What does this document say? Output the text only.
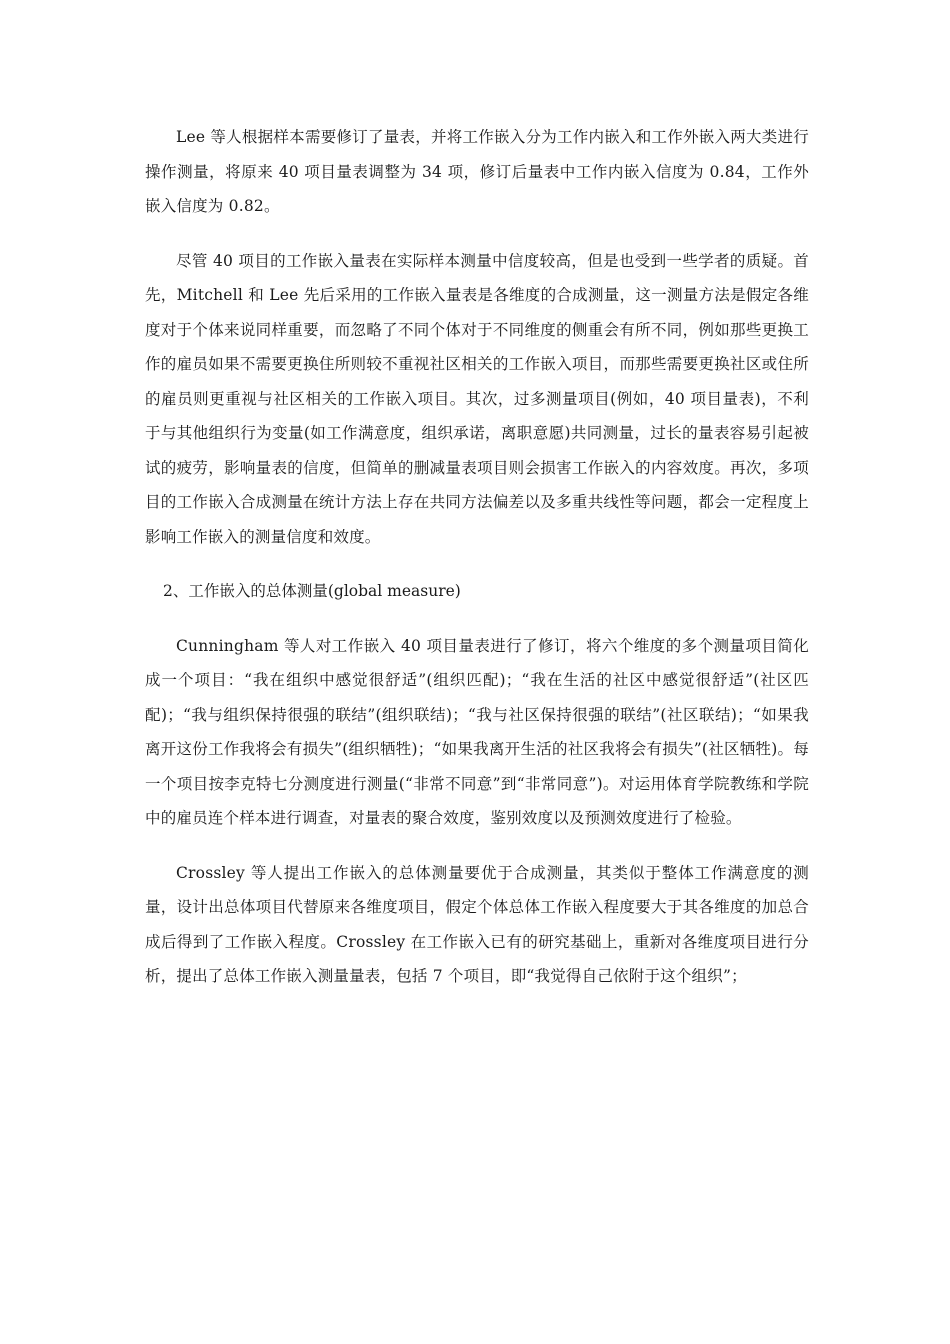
Lee 等人根据样本需要修订了量表，并将工作嵌入分为工作内嵌入和工作外嵌入两大类进行操作测量，将原来 40 项目量表调整为 34 项，修订后量表中工作内嵌入信度为 0.84，工作外嵌入信度为 0.82。

尽管 40 项目的工作嵌入量表在实际样本测量中信度较高，但是也受到一些学者的质疑。首先，Mitchell 和 Lee 先后采用的工作嵌入量表是各维度的合成测量，这一测量方法是假定各维度对于个体来说同样重要，而忽略了不同个体对于不同维度的侧重会有所不同，例如那些更换工作的雇员如果不需要更换住所则较不重视社区相关的工作嵌入项目，而那些需要更换社区或住所的雇员则更重视与社区相关的工作嵌入项目。其次，过多测量项目(例如，40 项目量表)，不利于与其他组织行为变量(如工作满意度，组织承诺，离职意愿)共同测量，过长的量表容易引起被试的疲劳，影响量表的信度，但简单的删减量表项目则会损害工作嵌入的内容效度。再次，多项目的工作嵌入合成测量在统计方法上存在共同方法偏差以及多重共线性等问题，都会一定程度上影响工作嵌入的测量信度和效度。

2、工作嵌入的总体测量(global measure)

Cunningham 等人对工作嵌入 40 项目量表进行了修订，将六个维度的多个测量项目简化成一个项目：“我在组织中感觉很舒适”(组织匹配)；“我在生活的社区中感觉很舒适”(社区匹配)；“我与组织保持很强的联结”(组织联结)；“我与社区保持很强的联结”(社区联结)；“如果我离开这份工作我将会有损失”(组织牺牲)；“如果我离开生活的社区我将会有损失”(社区牺牲)。每一个项目按李克特七分测度进行测量(“非常不同意”到“非常同意”)。对运用体育学院教练和学院中的雇员连个样本进行调查，对量表的聚合效度，鉴别效度以及预测效度进行了检验。

Crossley 等人提出工作嵌入的总体测量要优于合成测量，其类似于整体工作满意度的测量，设计出总体项目代替原来各维度项目，假定个体总体工作嵌入程度要大于其各维度的加总合成后得到了工作嵌入程度。Crossley 在工作嵌入已有的研究基础上，重新对各维度项目进行分析，提出了总体工作嵌入测量量表，包括 7 个项目，即“我觉得自己依附于这个组织”；
